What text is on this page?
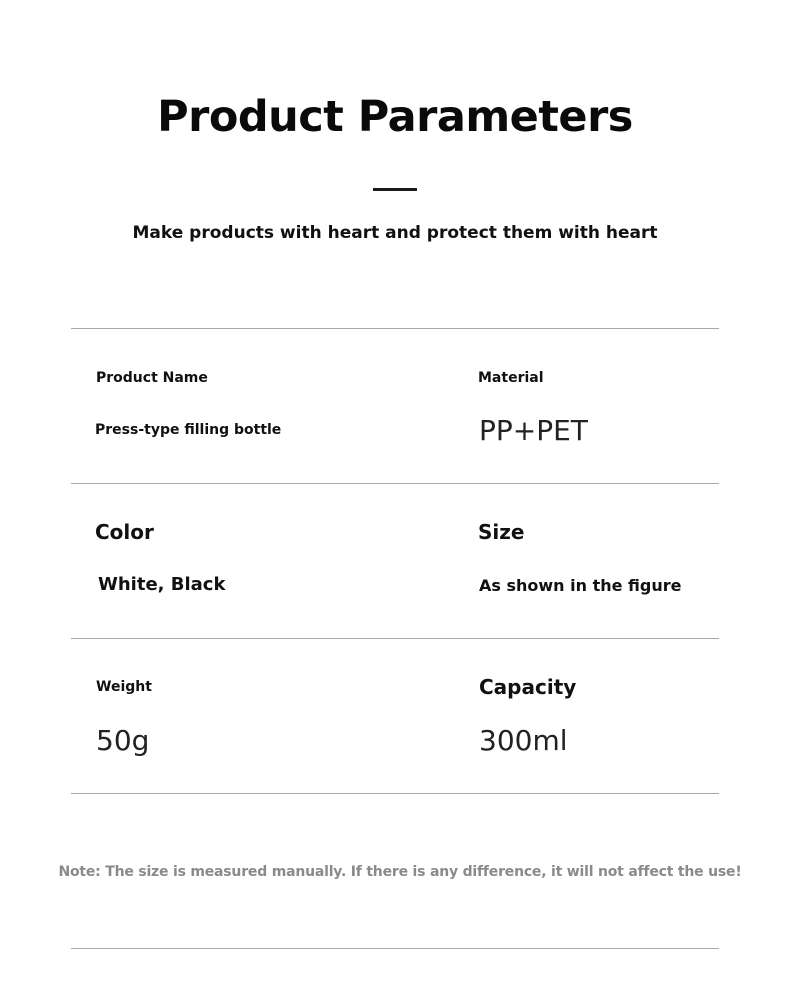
Product Parameters
Make products with heart and protect them with heart
Product Name
Press-type filling bottle
Material
PP+PET
Color
White, Black
Size
As shown in the figure
Weight
50g
Capacity
300ml
Note: The size is measured manually. If there is any difference, it will not affect the use!
